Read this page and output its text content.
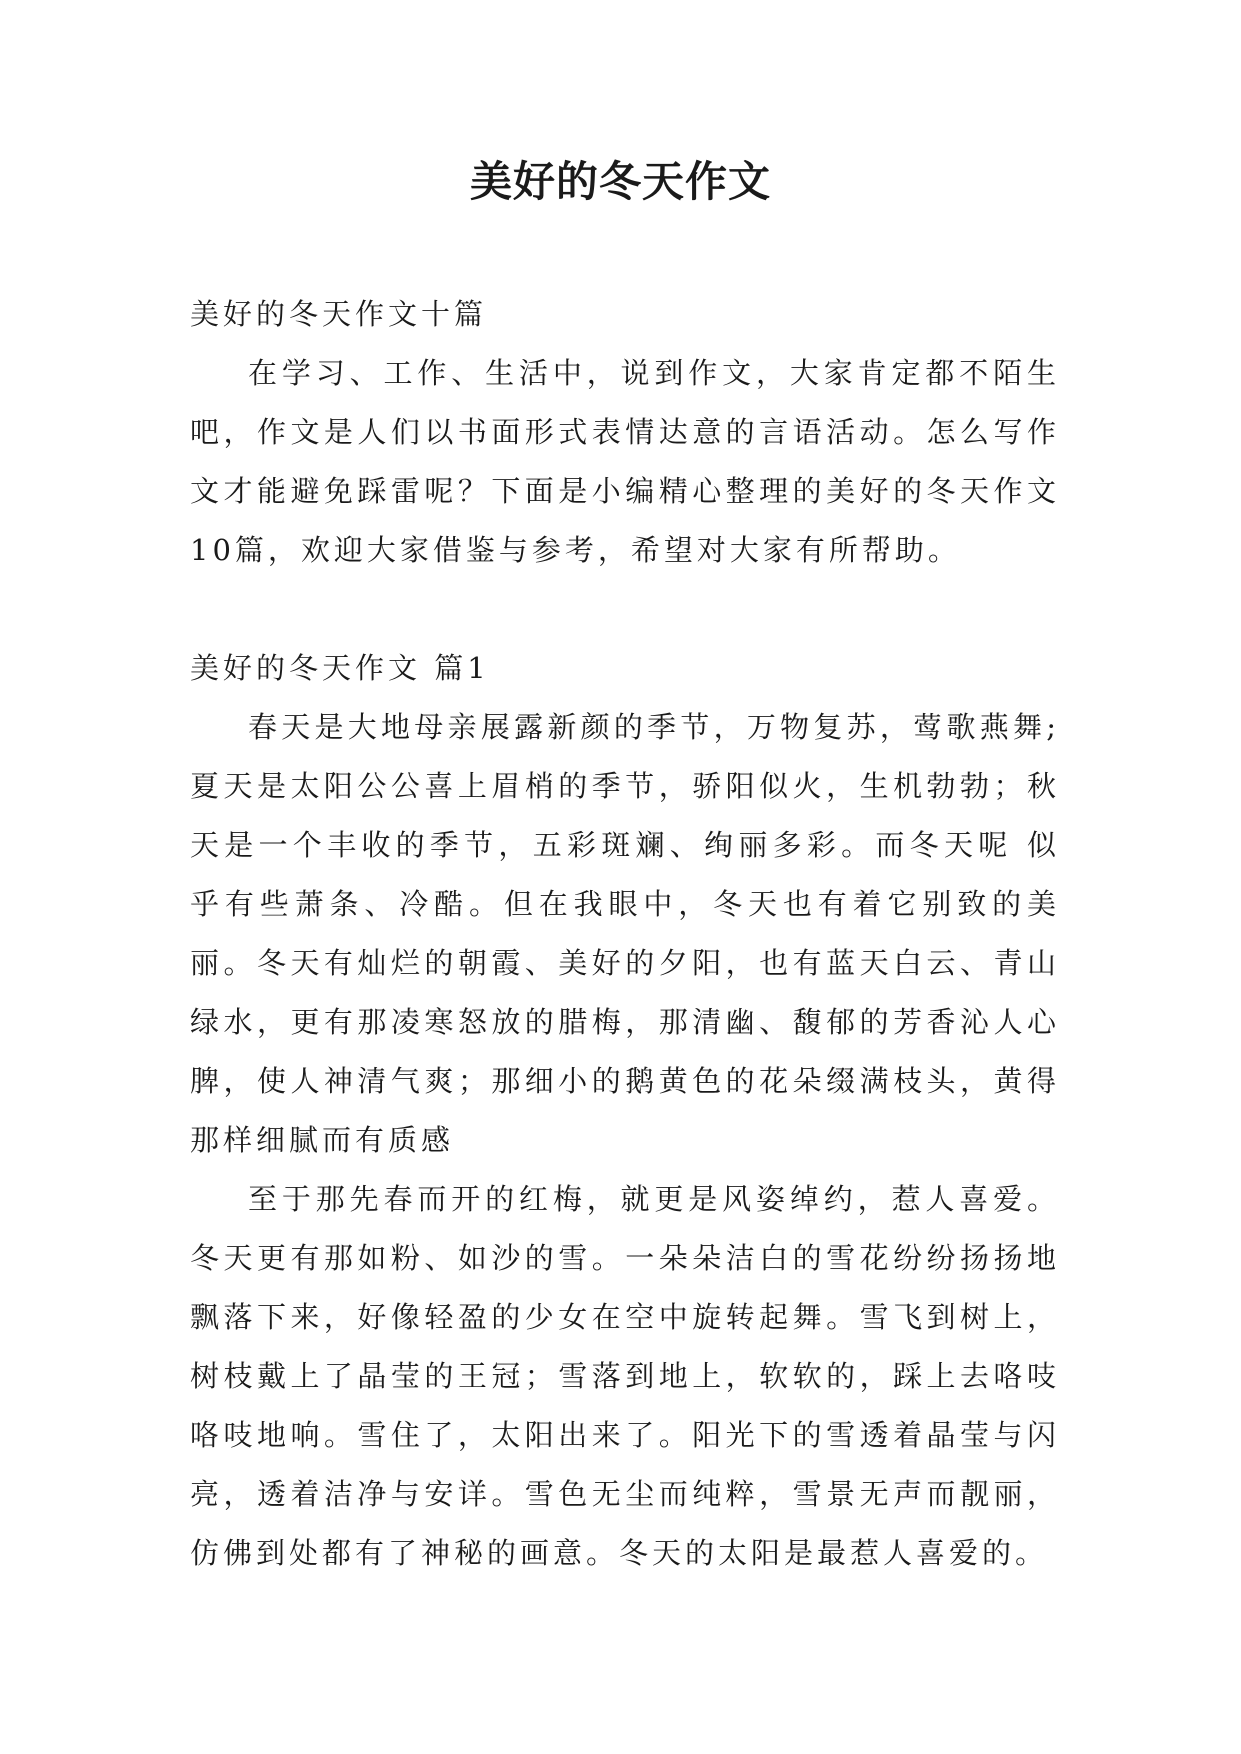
美好的冬天作文

美好的冬天作文十篇

在学习、工作、生活中，说到作文，大家肯定都不陌生吧，作文是人们以书面形式表情达意的言语活动。怎么写作文才能避免踩雷呢？下面是小编精心整理的美好的冬天作文10篇，欢迎大家借鉴与参考，希望对大家有所帮助。

美好的冬天作文 篇1

春天是大地母亲展露新颜的季节，万物复苏，莺歌燕舞;夏天是太阳公公喜上眉梢的季节，骄阳似火，生机勃勃；秋天是一个丰收的季节，五彩斑斓、绚丽多彩。而冬天呢 似乎有些萧条、冷酷。但在我眼中，冬天也有着它别致的美丽。冬天有灿烂的朝霞、美好的夕阳，也有蓝天白云、青山绿水，更有那凌寒怒放的腊梅，那清幽、馥郁的芳香沁人心脾，使人神清气爽；那细小的鹅黄色的花朵缀满枝头，黄得那样细腻而有质感

至于那先春而开的红梅，就更是风姿绰约，惹人喜爱。冬天更有那如粉、如沙的雪。一朵朵洁白的雪花纷纷扬扬地飘落下来，好像轻盈的少女在空中旋转起舞。雪飞到树上，树枝戴上了晶莹的王冠；雪落到地上，软软的，踩上去咯吱咯吱地响。雪住了，太阳出来了。阳光下的雪透着晶莹与闪亮，透着洁净与安详。雪色无尘而纯粹，雪景无声而靓丽，仿佛到处都有了神秘的画意。冬天的太阳是最惹人喜爱的。
